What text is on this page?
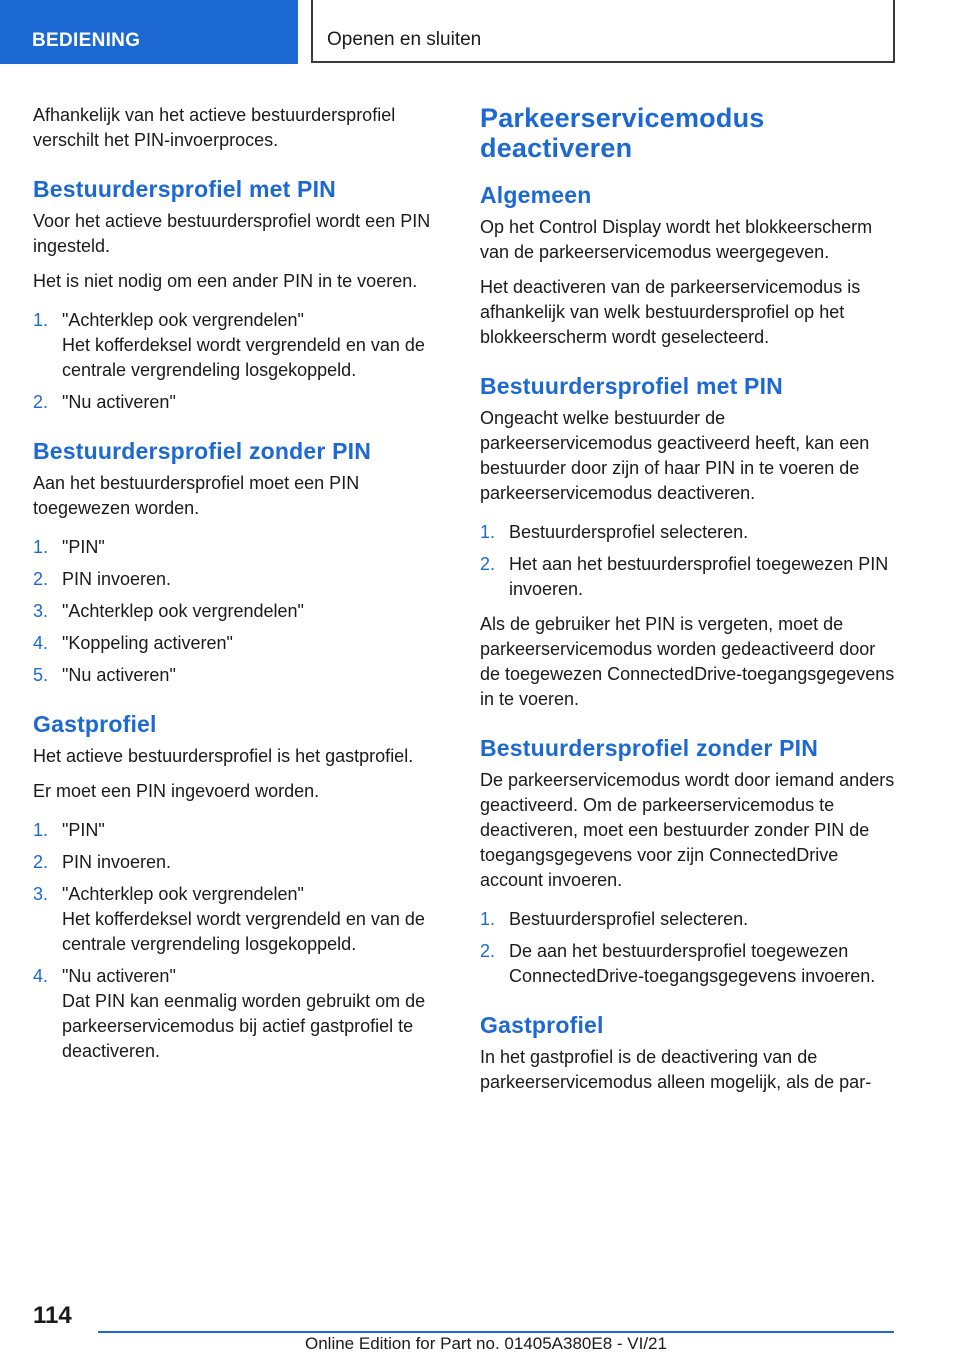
BEDIENING	Openen en sluiten

Afhankelijk van het actieve bestuurdersprofiel verschilt het PIN-invoerproces.

Bestuurdersprofiel met PIN

Voor het actieve bestuurdersprofiel wordt een PIN ingesteld.

Het is niet nodig om een ander PIN in te voeren.

1. "Achterklep ook vergrendelen"
Het kofferdeksel wordt vergrendeld en van de centrale vergrendeling losgekoppeld.
2. "Nu activeren"
Bestuurdersprofiel zonder PIN

Aan het bestuurdersprofiel moet een PIN toegewezen worden.

1. "PIN"
2. PIN invoeren.
3. "Achterklep ook vergrendelen"
4. "Koppeling activeren"
5. "Nu activeren"
Gastprofiel

Het actieve bestuurdersprofiel is het gastprofiel.

Er moet een PIN ingevoerd worden.

1. "PIN"
2. PIN invoeren.
3. "Achterklep ook vergrendelen"
Het kofferdeksel wordt vergrendeld en van de centrale vergrendeling losgekoppeld.
4. "Nu activeren"
Dat PIN kan eenmalig worden gebruikt om de parkeerservicemodus bij actief gastprofiel te deactiveren.
Parkeerservicemodus deactiveren
Algemeen

Op het Control Display wordt het blokkeerscherm van de parkeerservicemodus weergegeven.

Het deactiveren van de parkeerservicemodus is afhankelijk van welk bestuurdersprofiel op het blokkeerscherm wordt geselecteerd.

Bestuurdersprofiel met PIN

Ongeacht welke bestuurder de parkeerservicemodus geactiveerd heeft, kan een bestuurder door zijn of haar PIN in te voeren de parkeerservicemodus deactiveren.

1. Bestuurdersprofiel selecteren.
2. Het aan het bestuurdersprofiel toegewezen PIN invoeren.

Als de gebruiker het PIN is vergeten, moet de parkeerservicemodus worden gedeactiveerd door de toegewezen ConnectedDrive-toegangsgegevens in te voeren.

Bestuurdersprofiel zonder PIN

De parkeerservicemodus wordt door iemand anders geactiveerd. Om de parkeerservicemodus te deactiveren, moet een bestuurder zonder PIN de toegangsgegevens voor zijn ConnectedDrive account invoeren.

1. Bestuurdersprofiel selecteren.
2. De aan het bestuurdersprofiel toegewezen ConnectedDrive-toegangsgegevens invoeren.
Gastprofiel

In het gastprofiel is de deactivering van de parkeerservicemodus alleen mogelijk, als de par-

114
Online Edition for Part no. 01405A380E8 - VI/21
